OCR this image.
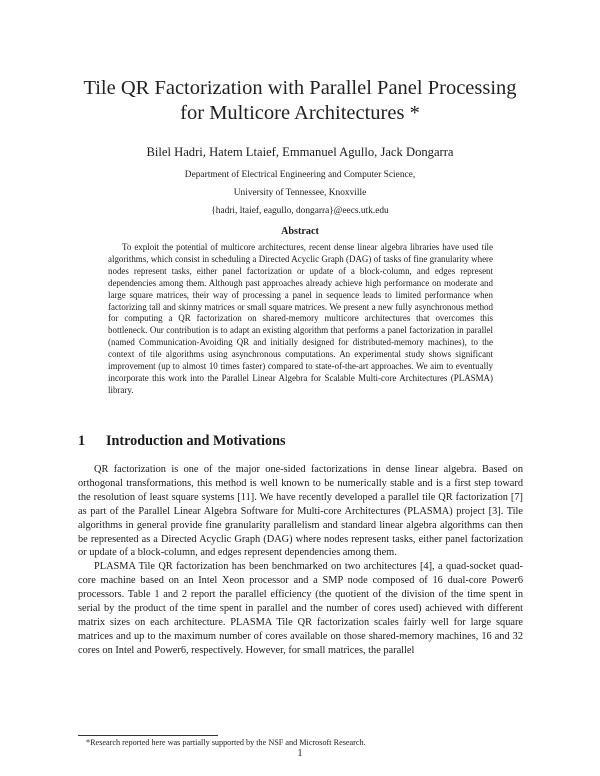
Tile QR Factorization with Parallel Panel Processing
for Multicore Architectures *
Bilel Hadri, Hatem Ltaief, Emmanuel Agullo, Jack Dongarra
Department of Electrical Engineering and Computer Science,
University of Tennessee, Knoxville
{hadri, ltaief, eagullo, dongarra}@eecs.utk.edu
Abstract
To exploit the potential of multicore architectures, recent dense linear algebra libraries have used tile algorithms, which consist in scheduling a Directed Acyclic Graph (DAG) of tasks of fine granularity where nodes represent tasks, either panel factorization or update of a block-column, and edges represent dependencies among them. Although past approaches already achieve high performance on moderate and large square matrices, their way of processing a panel in sequence leads to limited performance when factorizing tall and skinny matrices or small square matrices. We present a new fully asynchronous method for computing a QR factorization on shared-memory multicore architectures that overcomes this bottleneck. Our contribution is to adapt an existing algorithm that performs a panel factorization in parallel (named Communication-Avoiding QR and initially designed for distributed-memory machines), to the context of tile algorithms using asynchronous computations. An experimental study shows significant improvement (up to almost 10 times faster) compared to state-of-the-art approaches. We aim to eventually incorporate this work into the Parallel Linear Algebra for Scalable Multi-core Architectures (PLASMA) library.
1 Introduction and Motivations

QR factorization is one of the major one-sided factorizations in dense linear algebra. Based on orthogonal transformations, this method is well known to be numerically stable and is a first step toward the resolution of least square systems [11]. We have recently developed a parallel tile QR factorization [7] as part of the Parallel Linear Algebra Software for Multi-core Architectures (PLASMA) project [3]. Tile algorithms in general provide fine granularity parallelism and standard linear algebra algorithms can then be represented as a Directed Acyclic Graph (DAG) where nodes represent tasks, either panel factorization or update of a block-column, and edges represent dependencies among them.

PLASMA Tile QR factorization has been benchmarked on two architectures [4], a quad-socket quad-core machine based on an Intel Xeon processor and a SMP node composed of 16 dual-core Power6 processors. Table 1 and 2 report the parallel efficiency (the quotient of the division of the time spent in serial by the product of the time spent in parallel and the number of cores used) achieved with different matrix sizes on each architecture. PLASMA Tile QR factorization scales fairly well for large square matrices and up to the maximum number of cores available on those shared-memory machines, 16 and 32 cores on Intel and Power6, respectively. However, for small matrices, the parallel

*Research reported here was partially supported by the NSF and Microsoft Research.
1
